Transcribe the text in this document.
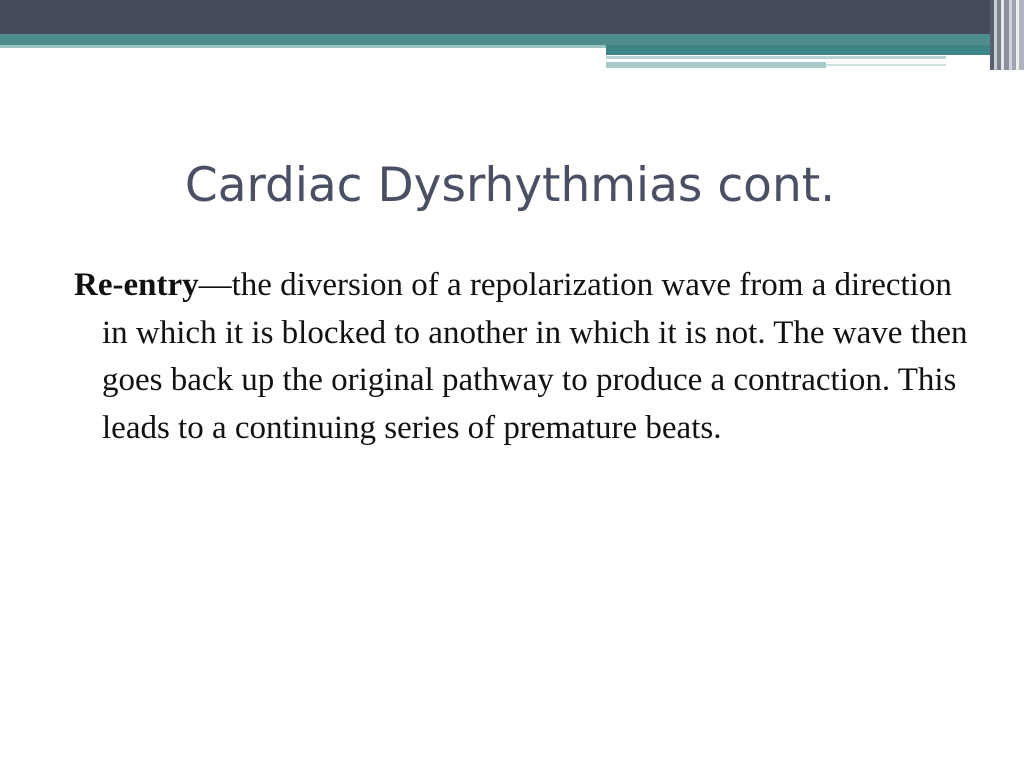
Cardiac Dysrhythmias cont.

Re-entry—the diversion of a repolarization wave from a direction in which it is blocked to another in which it is not. The wave then goes back up the original pathway to produce a contraction. This leads to a continuing series of premature beats.
